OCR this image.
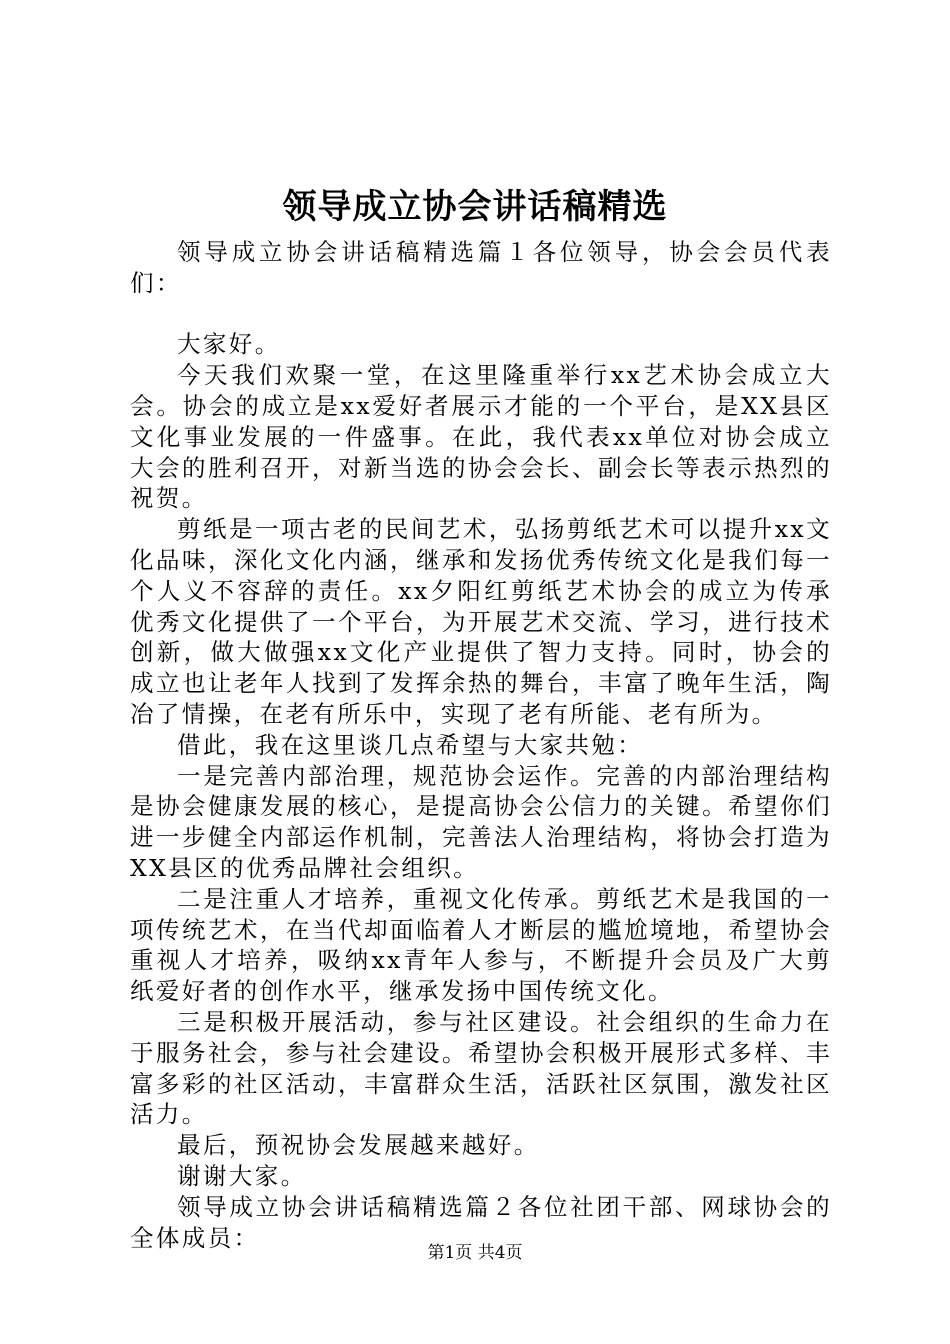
领导成立协会讲话稿精选

领导成立协会讲话稿精选篇１各位领导，协会会员代表们：

大家好。

今天我们欢聚一堂，在这里隆重举行xx艺术协会成立大会。协会的成立是xx爱好者展示才能的一个平台，是XX县区文化事业发展的一件盛事。在此，我代表xx单位对协会成立大会的胜利召开，对新当选的协会会长、副会长等表示热烈的祝贺。

剪纸是一项古老的民间艺术，弘扬剪纸艺术可以提升xx文化品味，深化文化内涵，继承和发扬优秀传统文化是我们每一个人义不容辞的责任。xx夕阳红剪纸艺术协会的成立为传承优秀文化提供了一个平台，为开展艺术交流、学习，进行技术创新，做大做强xx文化产业提供了智力支持。同时，协会的成立也让老年人找到了发挥余热的舞台，丰富了晚年生活，陶冶了情操，在老有所乐中，实现了老有所能、老有所为。

借此，我在这里谈几点希望与大家共勉：

一是完善内部治理，规范协会运作。完善的内部治理结构是协会健康发展的核心，是提高协会公信力的关键。希望你们进一步健全内部运作机制，完善法人治理结构，将协会打造为XX县区的优秀品牌社会组织。

二是注重人才培养，重视文化传承。剪纸艺术是我国的一项传统艺术，在当代却面临着人才断层的尴尬境地，希望协会重视人才培养，吸纳xx青年人参与，不断提升会员及广大剪纸爱好者的创作水平，继承发扬中国传统文化。

三是积极开展活动，参与社区建设。社会组织的生命力在于服务社会，参与社会建设。希望协会积极开展形式多样、丰富多彩的社区活动，丰富群众生活，活跃社区氛围，激发社区活力。

最后，预祝协会发展越来越好。

谢谢大家。

领导成立协会讲话稿精选篇２各位社团干部、网球协会的全体成员：

第1页 共4页
